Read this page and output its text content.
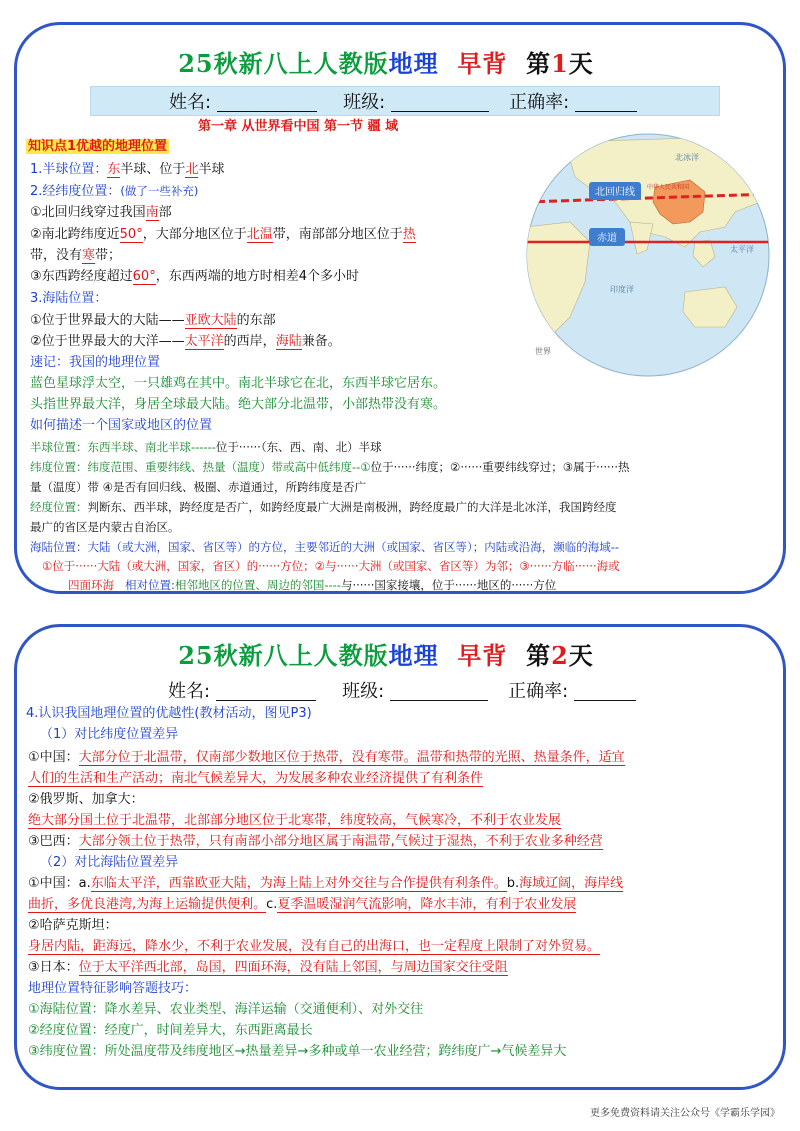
25秋新八上人教版地理 早背 第1天
姓名:	班级:	正确率:
第一章 从世界看中国 第一节 疆 域
北回归线
赤道
中华人民共和国
北冰洋
太平洋
印度洋
世界
知识点1优越的地理位置
1.半球位置：东半球、位于北半球
2.经纬度位置：(做了一些补充)
①北回归线穿过我国南部
②南北跨纬度近50°，大部分地区位于北温带，南部部分地区位于热
带，没有寒带；
③东西跨经度超过60°，东西两端的地方时相差4个多小时
3.海陆位置：
①位于世界最大的大陆——亚欧大陆的东部
②位于世界最大的大洋——太平洋的西岸，海陆兼备。
速记：我国的地理位置
蓝色星球浮太空，一只雄鸡在其中。南北半球它在北，东西半球它居东。
头指世界最大洋，身居全球最大陆。绝大部分北温带，小部热带没有寒。
如何描述一个国家或地区的位置
半球位置：东西半球、南北半球------位于······（东、西、南、北）半球
纬度位置：纬度范围、重要纬线、热量（温度）带或高中低纬度--①位于······纬度；②······重要纬线穿过；③属于······热
量（温度）带 ④是否有回归线、极圈、赤道通过，所跨纬度是否广
经度位置：判断东、西半球，跨经度是否广，如跨经度最广大洲是南极洲，跨经度最广的大洋是北冰洋，我国跨经度
最广的省区是内蒙古自治区。
海陆位置：大陆（或大洲，国家、省区等）的方位，主要邻近的大洲（或国家、省区等）；内陆或沿海，濒临的海域--
①位于······大陆（或大洲，国家，省区）的······方位；②与······大洲（或国家、省区等）为邻；③······方临······海或
四面环海 相对位置:相邻地区的位置、周边的邻国----与······国家接壤，位于······地区的······方位
25秋新八上人教版地理 早背 第2天
姓名:	班级:	正确率:
4.认识我国地理位置的优越性(教材活动，图见P3)
（1）对比纬度位置差异
①中国：大部分位于北温带，仅南部少数地区位于热带，没有寒带。温带和热带的光照、热量条件，适宜
人们的生活和生产活动；南北气候差异大，为发展多种农业经济提供了有利条件
②俄罗斯、加拿大：
绝大部分国土位于北温带，北部部分地区位于北寒带，纬度较高，气候寒冷，不利于农业发展
③巴西：大部分领土位于热带，只有南部小部分地区属于南温带,气候过于湿热，不利于农业多种经营
（2）对比海陆位置差异
①中国：a.东临太平洋，西靠欧亚大陆，为海上陆上对外交往与合作提供有利条件。b.海域辽阔，海岸线
曲折，多优良港湾,为海上运输提供便利。c.夏季温暖湿润气流影响，降水丰沛，有利于农业发展
②哈萨克斯坦：
身居内陆，距海远，降水少，不利于农业发展，没有自己的出海口，也一定程度上限制了对外贸易。
③日本：位于太平洋西北部，岛国，四面环海，没有陆上邻国，与周边国家交往受阻
地理位置特征影响答题技巧：
①海陆位置：降水差异、农业类型、海洋运输（交通便利）、对外交往
②经度位置：经度广，时间差异大，东西距离最长
③纬度位置：所处温度带及纬度地区→热量差异→多种或单一农业经营；跨纬度广→气候差异大
更多免费资料请关注公众号《学霸乐学园》
